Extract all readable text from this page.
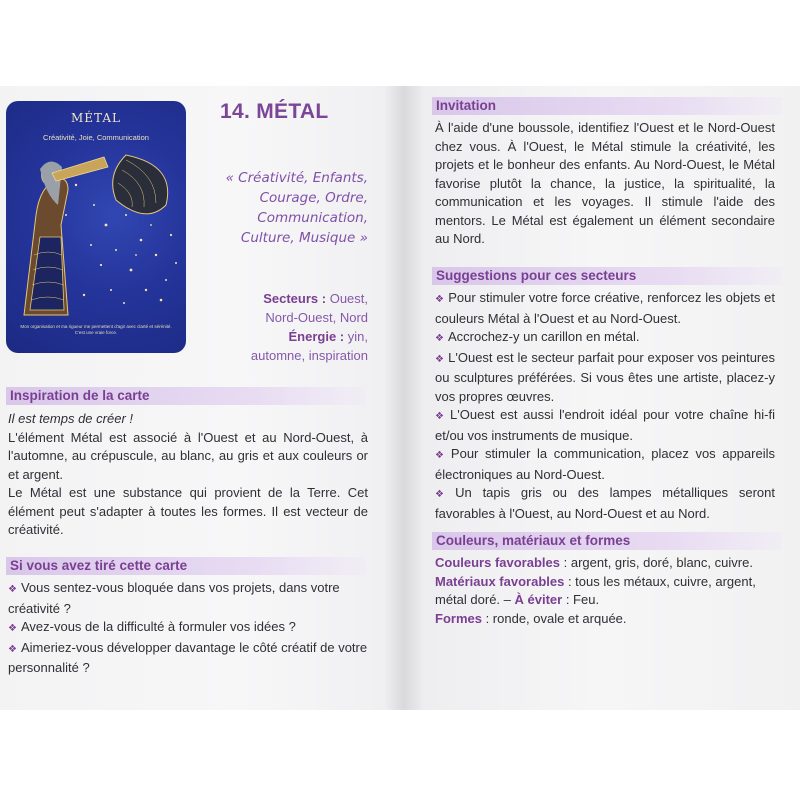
MÉTAL
Créativité, Joie, Communication
Mon organisation et ma rigueur me permettent d'agir avec clarté et sérénité. C'est une vraie force.
14. MÉTAL
« Créativité, Enfants,
Courage, Ordre,
Communication,
Culture, Musique »
Secteurs : Ouest,
Nord-Ouest, Nord
Énergie : yin,
automne, inspiration
Inspiration de la carte

Il est temps de créer !

L'élément Métal est associé à l'Ouest et au Nord-Ouest, à l'automne, au crépuscule, au blanc, au gris et aux couleurs or et argent.

Le Métal est une substance qui provient de la Terre. Cet élément peut s'adapter à toutes les formes. Il est vecteur de créativité.

Si vous avez tiré cette carte

❖ Vous sentez-vous bloquée dans vos projets, dans votre créativité ?

❖ Avez-vous de la difficulté à formuler vos idées ?

❖ Aimeriez-vous développer davantage le côté créatif de votre personnalité ?

Invitation
À l'aide d'une boussole, identifiez l'Ouest et le Nord-Ouest chez vous. À l'Ouest, le Métal stimule la créativité, les projets et le bonheur des enfants. Au Nord-Ouest, le Métal favorise plutôt la chance, la justice, la spiritualité, la communication et les voyages. Il stimule l'aide des mentors. Le Métal est également un élément secondaire au Nord.
Suggestions pour ces secteurs

❖ Pour stimuler votre force créative, renforcez les objets et couleurs Métal à l'Ouest et au Nord-Ouest.

❖ Accrochez-y un carillon en métal.

❖ L'Ouest est le secteur parfait pour exposer vos peintures ou sculptures préférées. Si vous êtes une artiste, placez-y vos propres œuvres.

❖ L'Ouest est aussi l'endroit idéal pour votre chaîne hi-fi et/ou vos instruments de musique.

❖ Pour stimuler la communication, placez vos appareils électroniques au Nord-Ouest.

❖ Un tapis gris ou des lampes métalliques seront favorables à l'Ouest, au Nord-Ouest et au Nord.

Couleurs, matériaux et formes

Couleurs favorables : argent, gris, doré, blanc, cuivre.

Matériaux favorables : tous les métaux, cuivre, argent, métal doré. – À éviter : Feu.

Formes : ronde, ovale et arquée.
